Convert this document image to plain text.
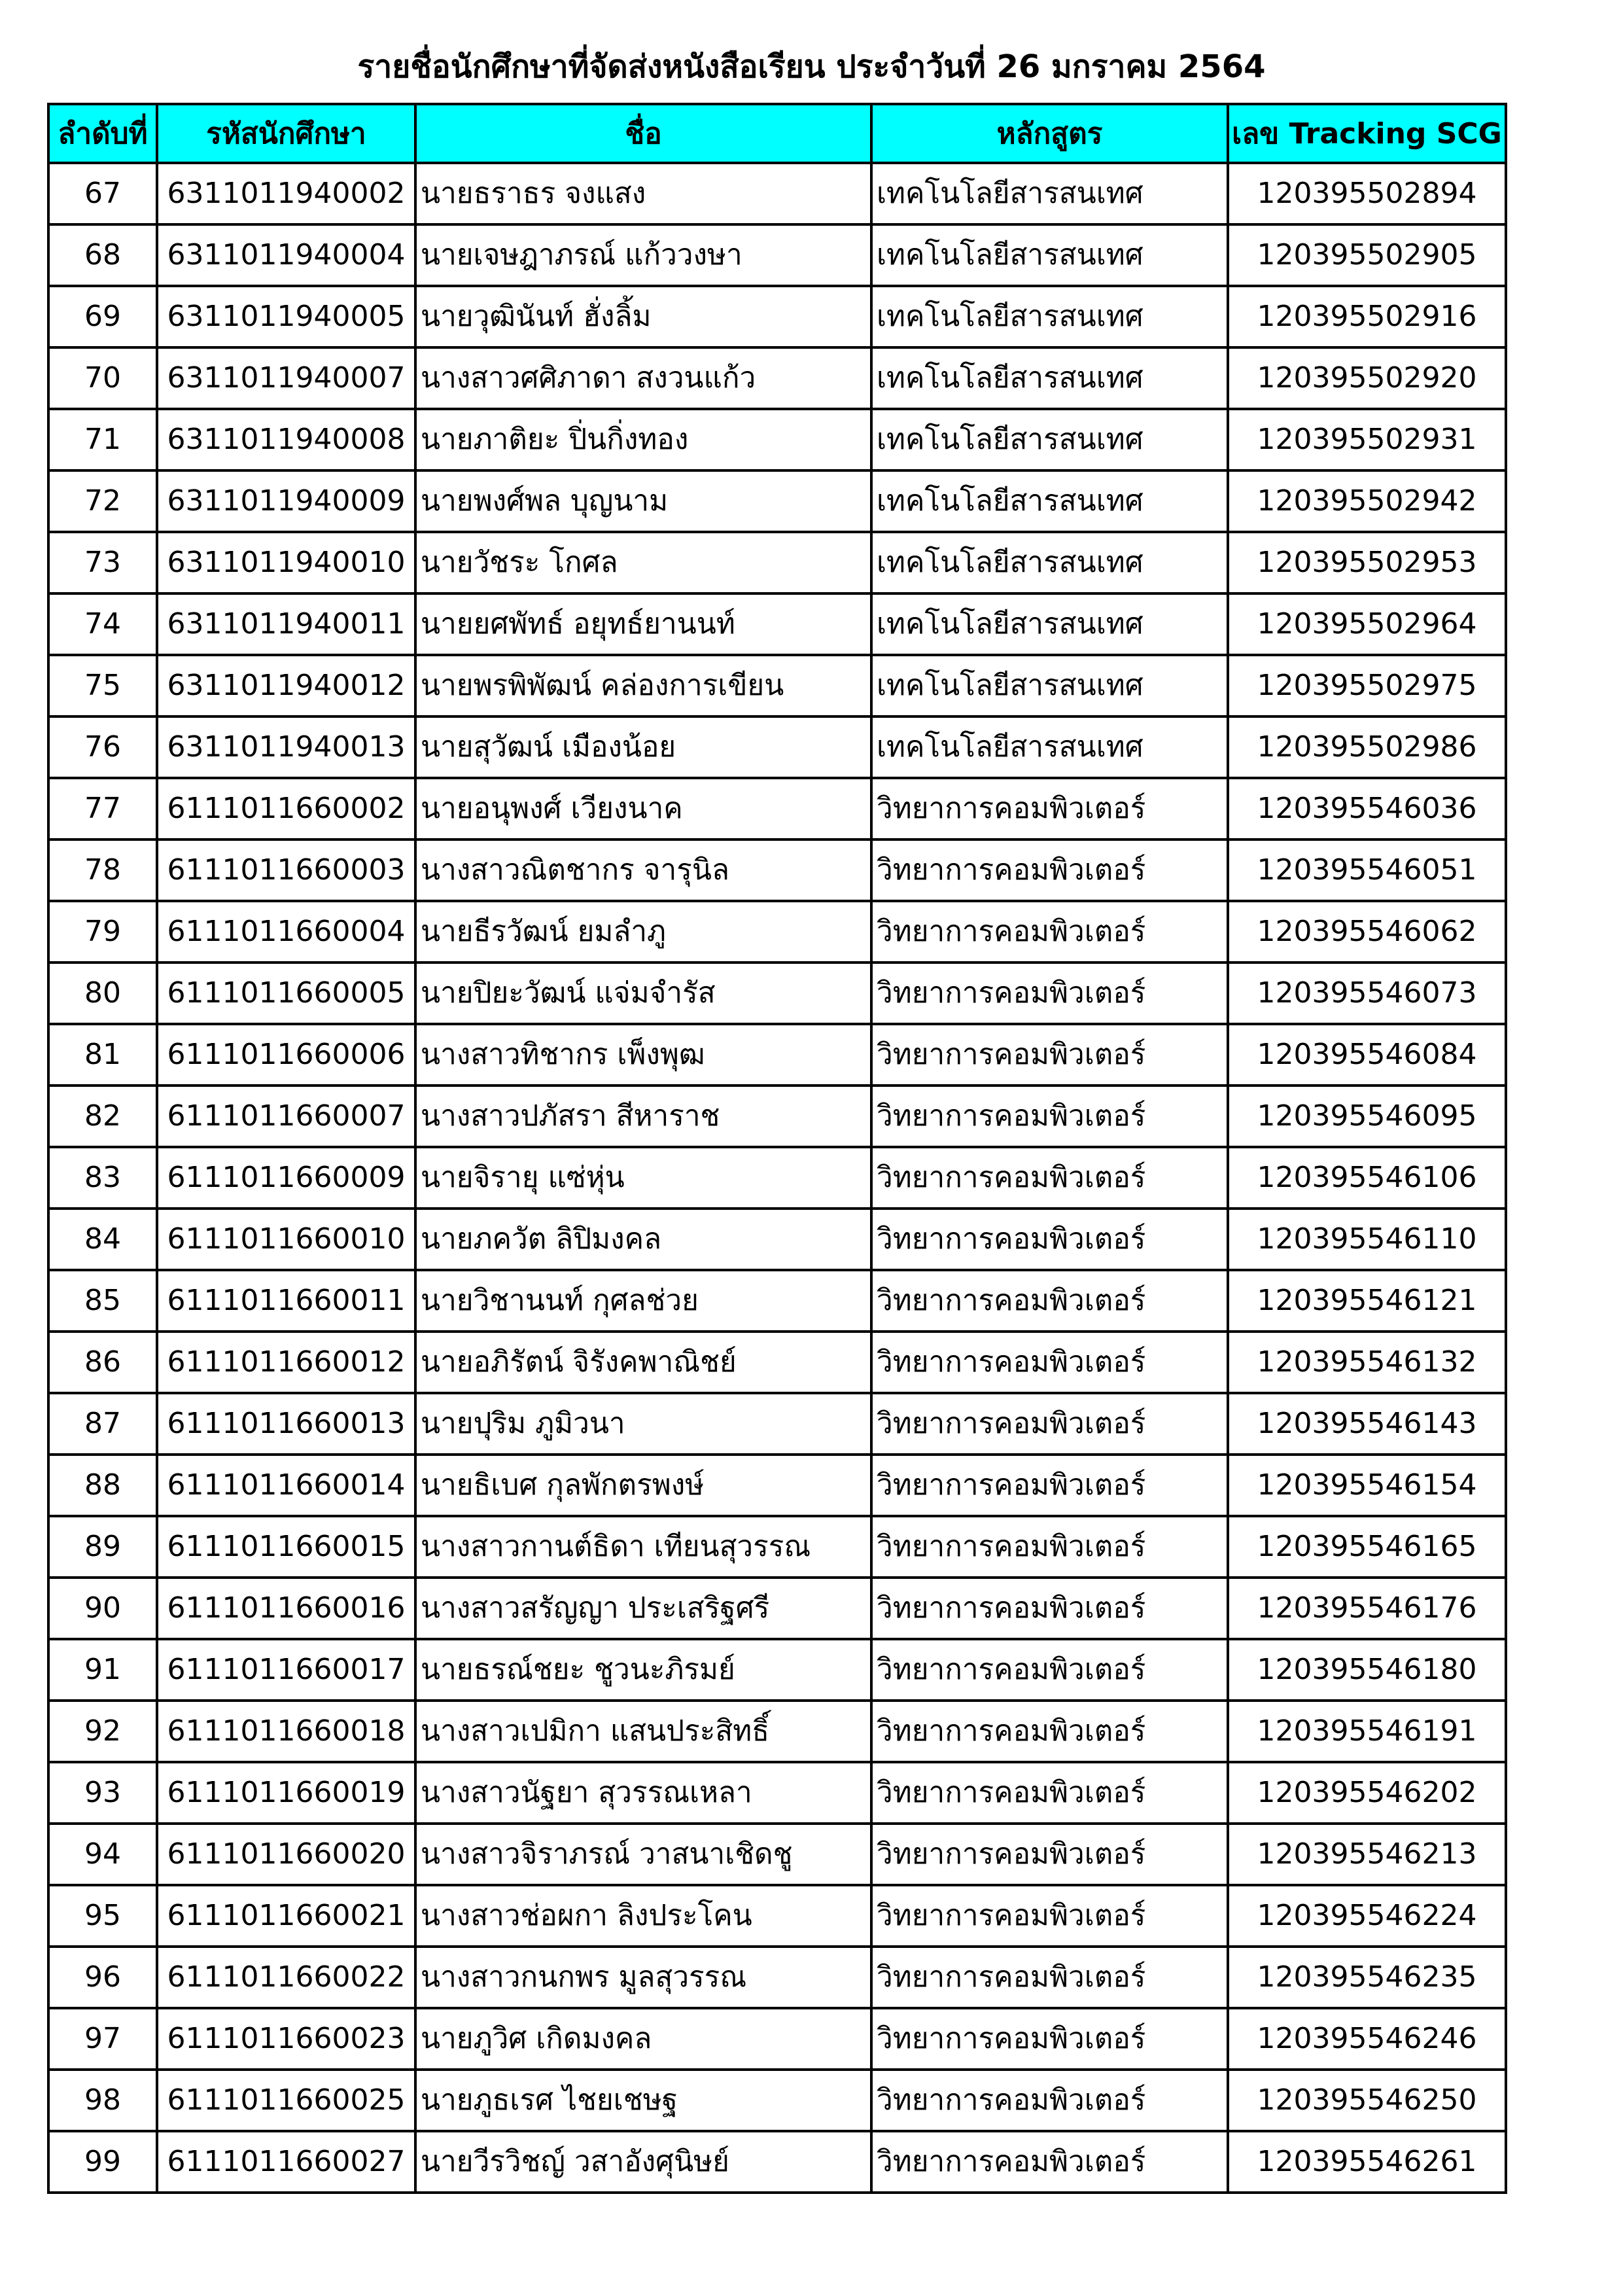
รายชื่อนักศึกษาที่จัดส่งหนังสือเรียน ประจำวันที่ 26 มกราคม 2564
ลำดับที่	รหัสนักศึกษา	ชื่อ	หลักสูตร	เลข Tracking SCG
67	6311011940002	นายธราธร จงแสง	เทคโนโลยีสารสนเทศ	120395502894
68	6311011940004	นายเจษฎาภรณ์ แก้ววงษา	เทคโนโลยีสารสนเทศ	120395502905
69	6311011940005	นายวุฒินันท์ ฮั่งลิ้ม	เทคโนโลยีสารสนเทศ	120395502916
70	6311011940007	นางสาวศศิภาดา สงวนแก้ว	เทคโนโลยีสารสนเทศ	120395502920
71	6311011940008	นายภาติยะ ปิ่นกิ่งทอง	เทคโนโลยีสารสนเทศ	120395502931
72	6311011940009	นายพงศ์พล บุญนาม	เทคโนโลยีสารสนเทศ	120395502942
73	6311011940010	นายวัชระ โกศล	เทคโนโลยีสารสนเทศ	120395502953
74	6311011940011	นายยศพัทธ์ อยุทธ์ยานนท์	เทคโนโลยีสารสนเทศ	120395502964
75	6311011940012	นายพรพิพัฒน์ คล่องการเขียน	เทคโนโลยีสารสนเทศ	120395502975
76	6311011940013	นายสุวัฒน์ เมืองน้อย	เทคโนโลยีสารสนเทศ	120395502986
77	6111011660002	นายอนุพงศ์ เวียงนาค	วิทยาการคอมพิวเตอร์	120395546036
78	6111011660003	นางสาวณิตชากร จารุนิล	วิทยาการคอมพิวเตอร์	120395546051
79	6111011660004	นายธีรวัฒน์ ยมลำภู	วิทยาการคอมพิวเตอร์	120395546062
80	6111011660005	นายปิยะวัฒน์ แจ่มจำรัส	วิทยาการคอมพิวเตอร์	120395546073
81	6111011660006	นางสาวทิชากร เพ็งพุฒ	วิทยาการคอมพิวเตอร์	120395546084
82	6111011660007	นางสาวปภัสรา สีหาราช	วิทยาการคอมพิวเตอร์	120395546095
83	6111011660009	นายจิรายุ แซ่หุ่น	วิทยาการคอมพิวเตอร์	120395546106
84	6111011660010	นายภควัต ลิปิมงคล	วิทยาการคอมพิวเตอร์	120395546110
85	6111011660011	นายวิชานนท์ กุศลช่วย	วิทยาการคอมพิวเตอร์	120395546121
86	6111011660012	นายอภิรัตน์ จิรังคพาณิชย์	วิทยาการคอมพิวเตอร์	120395546132
87	6111011660013	นายปุริม ภูมิวนา	วิทยาการคอมพิวเตอร์	120395546143
88	6111011660014	นายธิเบศ กุลพักตรพงษ์	วิทยาการคอมพิวเตอร์	120395546154
89	6111011660015	นางสาวกานต์ธิดา เทียนสุวรรณ	วิทยาการคอมพิวเตอร์	120395546165
90	6111011660016	นางสาวสรัญญา ประเสริฐศรี	วิทยาการคอมพิวเตอร์	120395546176
91	6111011660017	นายธรณ์ชยะ ชูวนะภิรมย์	วิทยาการคอมพิวเตอร์	120395546180
92	6111011660018	นางสาวเปมิกา แสนประสิทธิ์	วิทยาการคอมพิวเตอร์	120395546191
93	6111011660019	นางสาวนัฐยา สุวรรณเหลา	วิทยาการคอมพิวเตอร์	120395546202
94	6111011660020	นางสาวจิราภรณ์ วาสนาเชิดชู	วิทยาการคอมพิวเตอร์	120395546213
95	6111011660021	นางสาวช่อผกา ลิงประโคน	วิทยาการคอมพิวเตอร์	120395546224
96	6111011660022	นางสาวกนกพร มูลสุวรรณ	วิทยาการคอมพิวเตอร์	120395546235
97	6111011660023	นายภูวิศ เกิดมงคล	วิทยาการคอมพิวเตอร์	120395546246
98	6111011660025	นายภูธเรศ ไชยเชษฐ	วิทยาการคอมพิวเตอร์	120395546250
99	6111011660027	นายวีรวิชญ์ วสาอังศุนิษย์	วิทยาการคอมพิวเตอร์	120395546261
